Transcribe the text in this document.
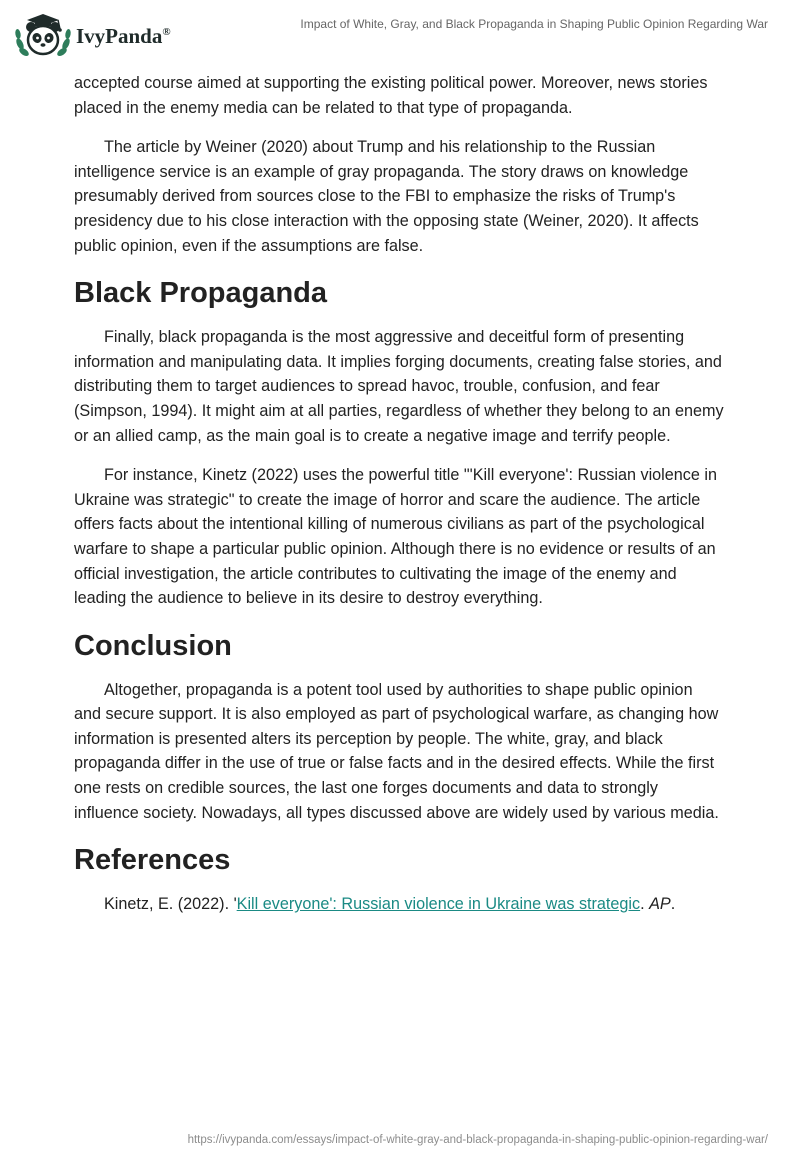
IvyPanda®
Impact of White, Gray, and Black Propaganda in Shaping Public Opinion Regarding War

accepted course aimed at supporting the existing political power. Moreover, news stories placed in the enemy media can be related to that type of propaganda.

The article by Weiner (2020) about Trump and his relationship to the Russian intelligence service is an example of gray propaganda. The story draws on knowledge presumably derived from sources close to the FBI to emphasize the risks of Trump's presidency due to his close interaction with the opposing state (Weiner, 2020). It affects public opinion, even if the assumptions are false.

Black Propaganda

Finally, black propaganda is the most aggressive and deceitful form of presenting information and manipulating data. It implies forging documents, creating false stories, and distributing them to target audiences to spread havoc, trouble, confusion, and fear (Simpson, 1994). It might aim at all parties, regardless of whether they belong to an enemy or an allied camp, as the main goal is to create a negative image and terrify people.

For instance, Kinetz (2022) uses the powerful title "'Kill everyone': Russian violence in Ukraine was strategic" to create the image of horror and scare the audience. The article offers facts about the intentional killing of numerous civilians as part of the psychological warfare to shape a particular public opinion. Although there is no evidence or results of an official investigation, the article contributes to cultivating the image of the enemy and leading the audience to believe in its desire to destroy everything.

Conclusion

Altogether, propaganda is a potent tool used by authorities to shape public opinion and secure support. It is also employed as part of psychological warfare, as changing how information is presented alters its perception by people. The white, gray, and black propaganda differ in the use of true or false facts and in the desired effects. While the first one rests on credible sources, the last one forges documents and data to strongly influence society. Nowadays, all types discussed above are widely used by various media.

References

Kinetz, E. (2022). 'Kill everyone': Russian violence in Ukraine was strategic. AP.

https://ivypanda.com/essays/impact-of-white-gray-and-black-propaganda-in-shaping-public-opinion-regarding-war/
